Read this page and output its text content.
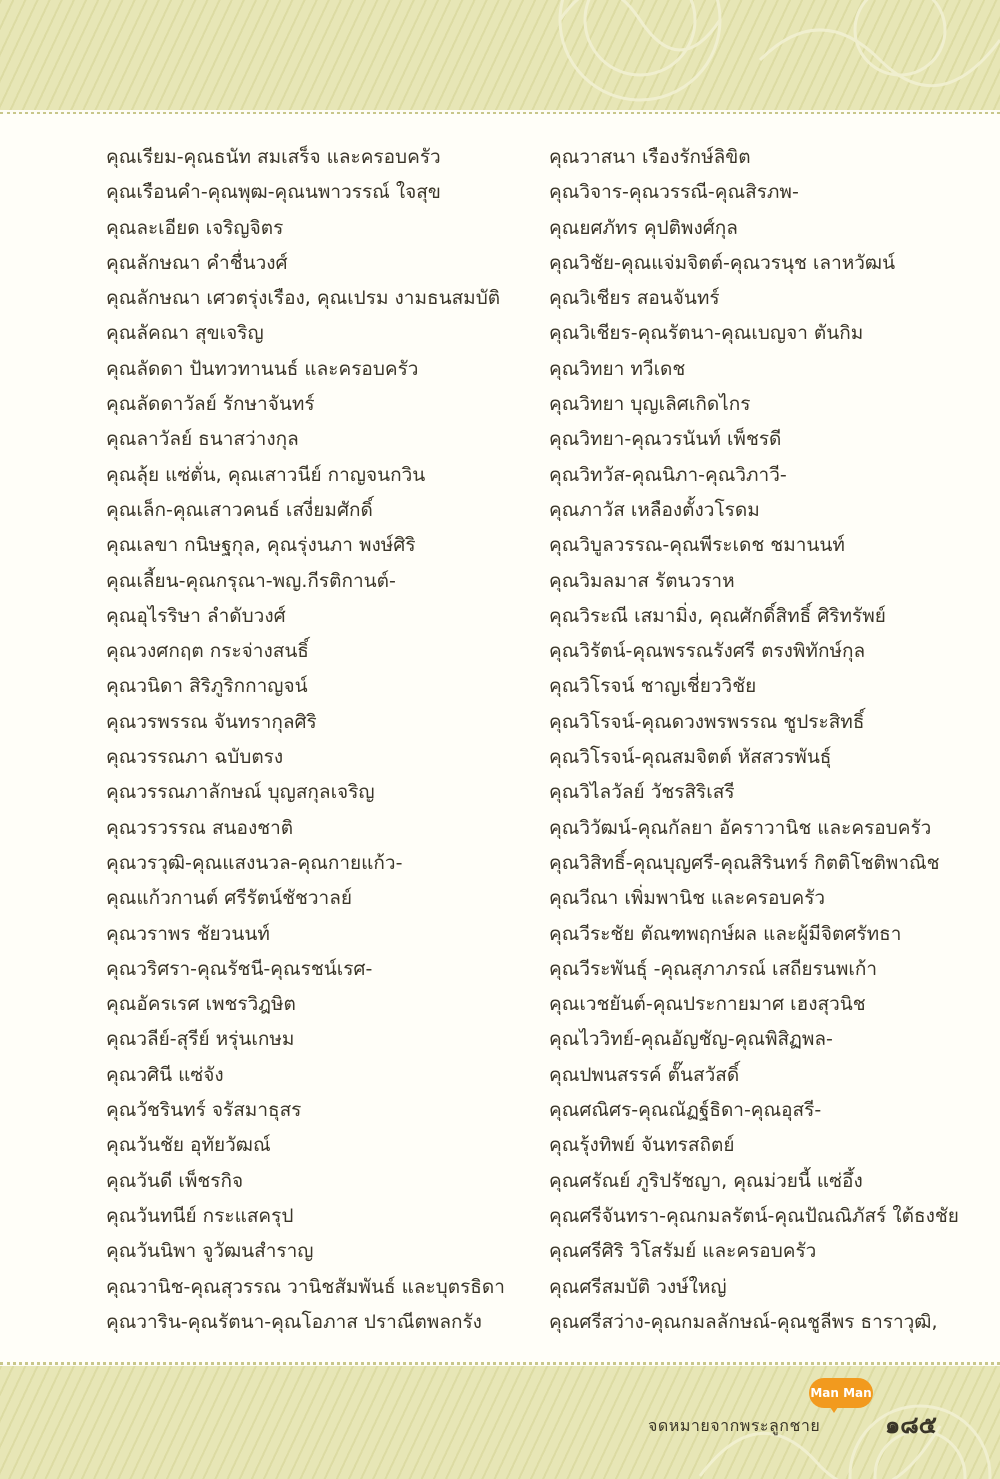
คุณเรียม-คุณธนัท สมเสร็จ และครอบครัว
คุณเรือนคำ-คุณพุฒ-คุณนพาวรรณ์ ใจสุข
คุณละเอียด เจริญจิตร
คุณลักษณา คำชื่นวงศ์
คุณลักษณา เศวตรุ่งเรือง, คุณเปรม งามธนสมบัติ
คุณลัคณา สุขเจริญ
คุณลัดดา ปันทวทานนธ์ และครอบครัว
คุณลัดดาวัลย์ รักษาจันทร์
คุณลาวัลย์ ธนาสว่างกุล
คุณลุ้ย แซ่ตั่น, คุณเสาวนีย์ กาญจนกวิน
คุณเล็ก-คุณเสาวคนธ์ เสงี่ยมศักดิ์
คุณเลขา กนิษฐกุล, คุณรุ่งนภา พงษ์ศิริ
คุณเลี้ยน-คุณกรุณา-พญ.กีรติกานต์-
คุณอุไรริษา ลำดับวงศ์
คุณวงศกฤต กระจ่างสนธิ์
คุณวนิดา สิริภูริกกาญจน์
คุณวรพรรณ จันทรากุลศิริ
คุณวรรณภา ฉบับตรง
คุณวรรณภาลักษณ์ บุญสกุลเจริญ
คุณวรวรรณ สนองชาติ
คุณวรวุฒิ-คุณแสงนวล-คุณกายแก้ว-
คุณแก้วกานต์ ศรีรัตน์ชัชวาลย์
คุณวราพร ชัยวนนท์
คุณวริศรา-คุณรัชนี-คุณรชน์เรศ-
คุณอัครเรศ เพชรวิฎษิต
คุณวลีย์-สุรีย์ หรุ่นเกษม
คุณวศินี แซ่จัง
คุณวัชรินทร์ จรัสมาธุสร
คุณวันชัย อุทัยวัฒณ์
คุณวันดี เพ็ชรกิจ
คุณวันทนีย์ กระแสครุป
คุณวันนิพา จูวัฒนสำราญ
คุณวานิช-คุณสุวรรณ วานิชสัมพันธ์ และบุตรธิดา
คุณวาริน-คุณรัตนา-คุณโอภาส ปราณีตพลกรัง
คุณวาสนา เรืองรักษ์ลิขิต
คุณวิจาร-คุณวรรณี-คุณสิรภพ-
คุณยศภัทร คุปติพงศ์กุล
คุณวิชัย-คุณแจ่มจิตต์-คุณวรนุช เลาหวัฒน์
คุณวิเชียร สอนจันทร์
คุณวิเชียร-คุณรัตนา-คุณเบญจา ตันกิม
คุณวิทยา ทวีเดช
คุณวิทยา บุญเลิศเกิดไกร
คุณวิทยา-คุณวรนันท์ เพ็ชรดี
คุณวิทวัส-คุณนิภา-คุณวิภาวี-
คุณภาวัส เหลืองตั้งวโรดม
คุณวิบูลวรรณ-คุณพีระเดช ชมานนท์
คุณวิมลมาส รัตนวราห
คุณวิระณี เสมามิ่ง, คุณศักดิ์สิทธิ์ ศิริทรัพย์
คุณวิรัตน์-คุณพรรณรังศรี ตรงพิทักษ์กุล
คุณวิโรจน์ ชาญเชี่ยววิชัย
คุณวิโรจน์-คุณดวงพรพรรณ ชูประสิทธิ์
คุณวิโรจน์-คุณสมจิตต์ หัสสวรพันธุ์
คุณวิไลวัลย์ วัชรสิริเสรี
คุณวิวัฒน์-คุณกัลยา อัคราวานิช และครอบครัว
คุณวิสิทธิ์-คุณบุญศรี-คุณสิรินทร์ กิตติโชติพาณิช
คุณวีณา เพิ่มพานิช และครอบครัว
คุณวีระชัย ตัณฑพฤกษ์ผล และผู้มีจิตศรัทธา
คุณวีระพันธุ์ -คุณสุภาภรณ์ เสถียรนพเก้า
คุณเวชยันต์-คุณประกายมาศ เฮงสุวนิช
คุณไววิทย์-คุณอัญชัญ-คุณพิสิฏพล-
คุณปพนสรรค์ ตั๊นสวัสดิ์
คุณศณิศร-คุณณัฏฐ์ธิดา-คุณอุสรี-
คุณรุ้งทิพย์ จันทรสถิตย์
คุณศรัณย์ ภูริปรัชญา, คุณม่วยนี้ แซ่อึ้ง
คุณศรีจันทรา-คุณกมลรัตน์-คุณปัณณิภัสร์ ใต้ธงชัย
คุณศรีศิริ วิโสรัมย์ และครอบครัว
คุณศรีสมบัติ วงษ์ใหญ่
คุณศรีสว่าง-คุณกมลลักษณ์-คุณชูลีพร ธาราวุฒิ,
Man Man
จดหมายจากพระลูกชาย	๑๘๕
